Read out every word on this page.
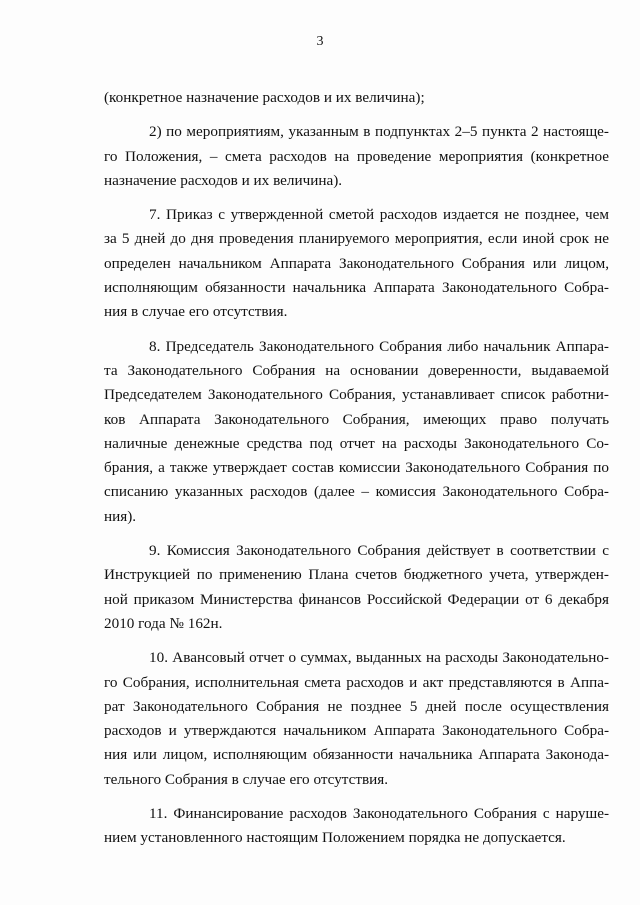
3

(конкретное назначение расходов и их величина);

2) по мероприятиям, указанным в подпунктах 2–5 пункта 2 настояще-
го Положения, – смета расходов на проведение мероприятия (конкретное
назначение расходов и их величина).

7. Приказ с утвержденной сметой расходов издается не позднее, чем
за 5 дней до дня проведения планируемого мероприятия, если иной срок не
определен начальником Аппарата Законодательного Собрания или лицом,
исполняющим обязанности начальника Аппарата Законодательного Собра-
ния в случае его отсутствия.

8. Председатель Законодательного Собрания либо начальник Аппара-
та Законодательного Собрания на основании доверенности, выдаваемой
Председателем Законодательного Собрания, устанавливает список работни-
ков Аппарата Законодательного Собрания, имеющих право получать
наличные денежные средства под отчет на расходы Законодательного Со-
брания, а также утверждает состав комиссии Законодательного Собрания по
списанию указанных расходов (далее – комиссия Законодательного Собра-
ния).

9. Комиссия Законодательного Собрания действует в соответствии с
Инструкцией по применению Плана счетов бюджетного учета, утвержден-
ной приказом Министерства финансов Российской Федерации от 6 декабря
2010 года № 162н.

10. Авансовый отчет о суммах, выданных на расходы Законодательно-
го Собрания, исполнительная смета расходов и акт представляются в Аппа-
рат Законодательного Собрания не позднее 5 дней после осуществления
расходов и утверждаются начальником Аппарата Законодательного Собра-
ния или лицом, исполняющим обязанности начальника Аппарата Законода-
тельного Собрания в случае его отсутствия.

11. Финансирование расходов Законодательного Собрания с наруше-
нием установленного настоящим Положением порядка не допускается.
